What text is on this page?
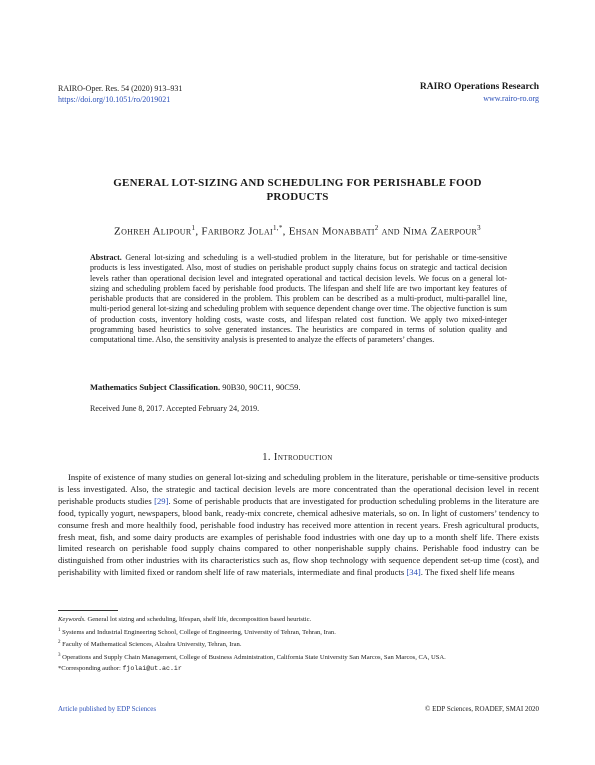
RAIRO-Oper. Res. 54 (2020) 913–931
https://doi.org/10.1051/ro/2019021
RAIRO Operations Research
www.rairo-ro.org
GENERAL LOT-SIZING AND SCHEDULING FOR PERISHABLE FOOD
PRODUCTS
Zohreh Alipour$^1$, Fariborz Jolai$^{1,*}$, Ehsan Monabbati$^2$ and Nima Zaerpour$^3$
Abstract. General lot-sizing and scheduling is a well-studied problem in the literature, but for perishable or time-sensitive products is less investigated. Also, most of studies on perishable product supply chains focus on strategic and tactical decision levels rather than operational decision level and integrated operational and tactical decision levels. We focus on a general lot-sizing and scheduling problem faced by perishable food products. The lifespan and shelf life are two important key features of perishable products that are considered in the problem. This problem can be described as a multi-product, multi-parallel line, multi-period general lot-sizing and scheduling problem with sequence dependent change over time. The objective function is sum of production costs, inventory holding costs, waste costs, and lifespan related cost function. We apply two mixed-integer programming based heuristics to solve generated instances. The heuristics are compared in terms of solution quality and computational time. Also, the sensitivity analysis is presented to analyze the effects of parameters’ changes.
Mathematics Subject Classification. 90B30, 90C11, 90C59.
Received June 8, 2017. Accepted February 24, 2019.
1. Introduction
Inspite of existence of many studies on general lot-sizing and scheduling problem in the literature, perishable or time-sensitive products is less investigated. Also, the strategic and tactical decision levels are more concentrated than the operational decision level in recent perishable products studies [29]. Some of perishable products that are investigated for production scheduling problems in the literature are food, typically yogurt, newspapers, blood bank, ready-mix concrete, chemical adhesive materials, so on. In light of customers’ tendency to consume fresh and more healthily food, perishable food industry has received more attention in recent years. Fresh agricultural products, fresh meat, fish, and some dairy products are examples of perishable food industries with one day up to a month shelf life. There exists limited research on perishable food supply chains compared to other nonperishable supply chains. Perishable food industry can be distinguished from other industries with its characteristics such as, flow shop technology with sequence dependent set-up time (cost), and perishability with limited fixed or random shelf life of raw materials, intermediate and final products [34]. The fixed shelf life means
Keywords. General lot sizing and scheduling, lifespan, shelf life, decomposition based heuristic.
$^1$ Systems and Industrial Engineering School, College of Engineering, University of Tehran, Tehran, Iran.
$^2$ Faculty of Mathematical Sciences, Alzahra University, Tehran, Iran.
$^3$ Operations and Supply Chain Management, College of Business Administration, California State University San Marcos, San Marcos, CA, USA.
*Corresponding author: fjolai@ut.ac.ir
Article published by EDP Sciences	© EDP Sciences, ROADEF, SMAI 2020
